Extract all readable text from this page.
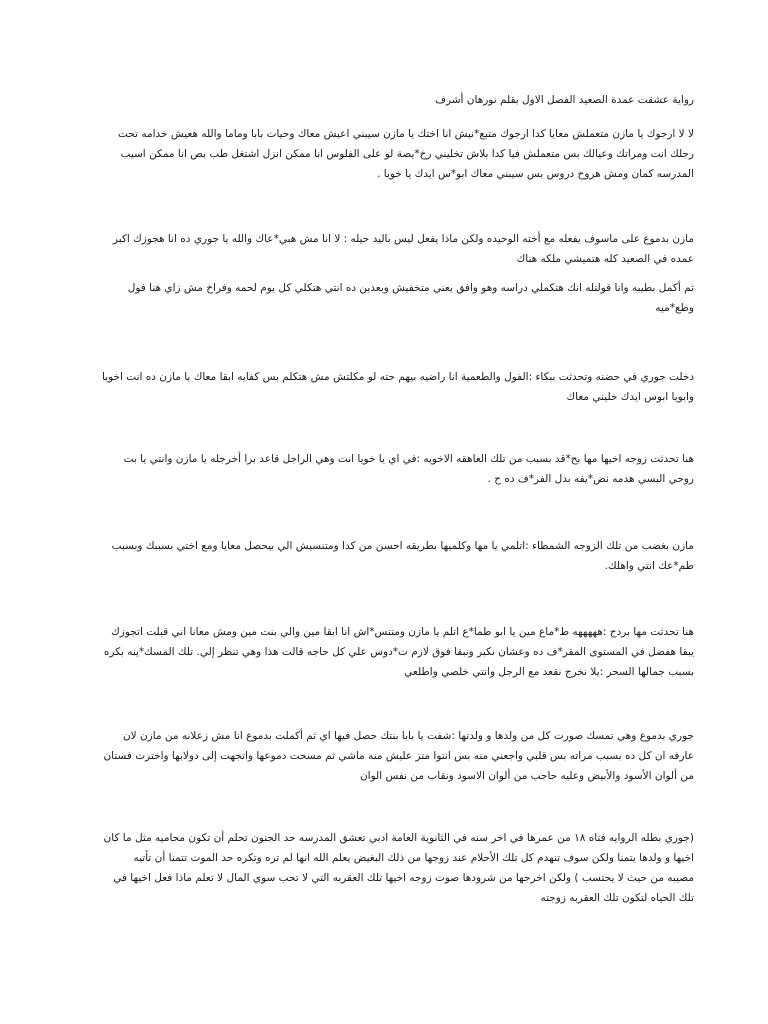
رواية عشقت عمدة الصعيد الفصل الاول بقلم نورهان أشرف

لا لا ارجوك يا مازن متعملش معايا كدا ارجوك متبع*نيش انا اختك يا مازن سيبني اعيش معاك وحيات بابا وماما والله هعيش خدامه تحت
رجلك انت ومراتك وعيالك بس متعملش فيا كدا بلاش تخليني رخ*يصة لو على الفلوس انا ممكن انزل اشتغل طب بص انا ممكن اسيب
المدرسه كمان ومش هروح دروس بس سيبني معاك ابو*س ايدك يا خويا .

مازن بدموع على ماسوف يفعله مع أخته الوحيده ولكن ماذا يفعل ليس باليد حيله : لا انا مش هبي*عاك والله يا جوري ده انا هجوزك اكبر
عمده في الصعيد كله هتميشي ملكه هناك

ثم أكمل بطيبه وانا قولتله انك هتكملي دراسه وهو وافق يعني متخفيش وبعدين ده انتي هتكلي كل يوم لحمه وفراخ مش زاي هنا فول
وطع*ميه

دخلت جوري في حضنه وتحدثت ببكاء :الفول والطعمية انا راضيه بيهم حته لو مكلتش مش هتكلم بس كفايه ابقا معاك يا مازن ده انت اخويا
وابويا ابوس ايدك خليني معاك

هنا تحدثت زوجه اخيها مها بح*قد بسبب من تلك العاهقه الاخويه :في اي يا خويا انت وهي الراجل قاعد برا أخرجله يا مازن وانتي يا بت
روحي البسي هدمه نض*يفه بدل الفر*ف ده ح .

مازن بغضب من تلك الزوجه الشمطاء :اتلمي يا مها وكلميها بطريقه احسن من كدا ومتنسيش الي بيحصل معايا ومع اختي بسببك وبسبب
طم*عك انتي واهلك.

هنا تحدثت مها بردح :هههههه ط*ماع مين يا ابو طما*ع اتلم يا مازن ومتنس*اش انا ابقا مين والي بنت مين ومش معانا اني قبلت اتجوزك
يبقا هفضل في المستوى المقر*ف ده وعشان نكبر ونبقا فوق لازم ت*دوس علي كل حاجه قالت هذا وهي تنظر إلي. تلك المسك*ينه بكره
بسبب جمالها السحر :يلا نخرج نقعد مع الرجل وانتي خلصي واطلعي

جوري بدموع وهي تمسك صورت كل من ولدها و ولدتها :شفت يا بابا بنتك حصل فيها اي ثم أكملت بدموع انا مش زعلانه من مازن لان
عارفه ان كل ده بسبب مراته بس قلبي واجعني منه بس انتوا متز علیش منه ماشي ثم مسحت دموعها واتجهت إلى دولابها واخترت فستان
من ألوان الأسود والأبيض وعليه حاجب من ألوان الاسود ونقاب من نفس الوان

(جوري بطله الروايه فتاه ١٨ من عمرها في اخر سنه في الثانوية العامة ادبي تعشق المدرسه حد الجنون تحلم أن تكون محاميه مثل ما كان
اخيها و ولدها يتمنا ولكن سوف تنهدم كل تلك الأحلام عند زوجها من ذلك البغيض يعلم الله انها لم تره وتكره حد الموت تتمنا أن تأتيه
مصيبه من حيث لا يحتسب ) ولكن اخرجها من شرودها صوت زوجه اخيها تلك العقربه التي لا تحب سوي المال لا تعلم ماذا فعل اخيها في
تلك الحياه لتكون تلك العقربه زوجته
